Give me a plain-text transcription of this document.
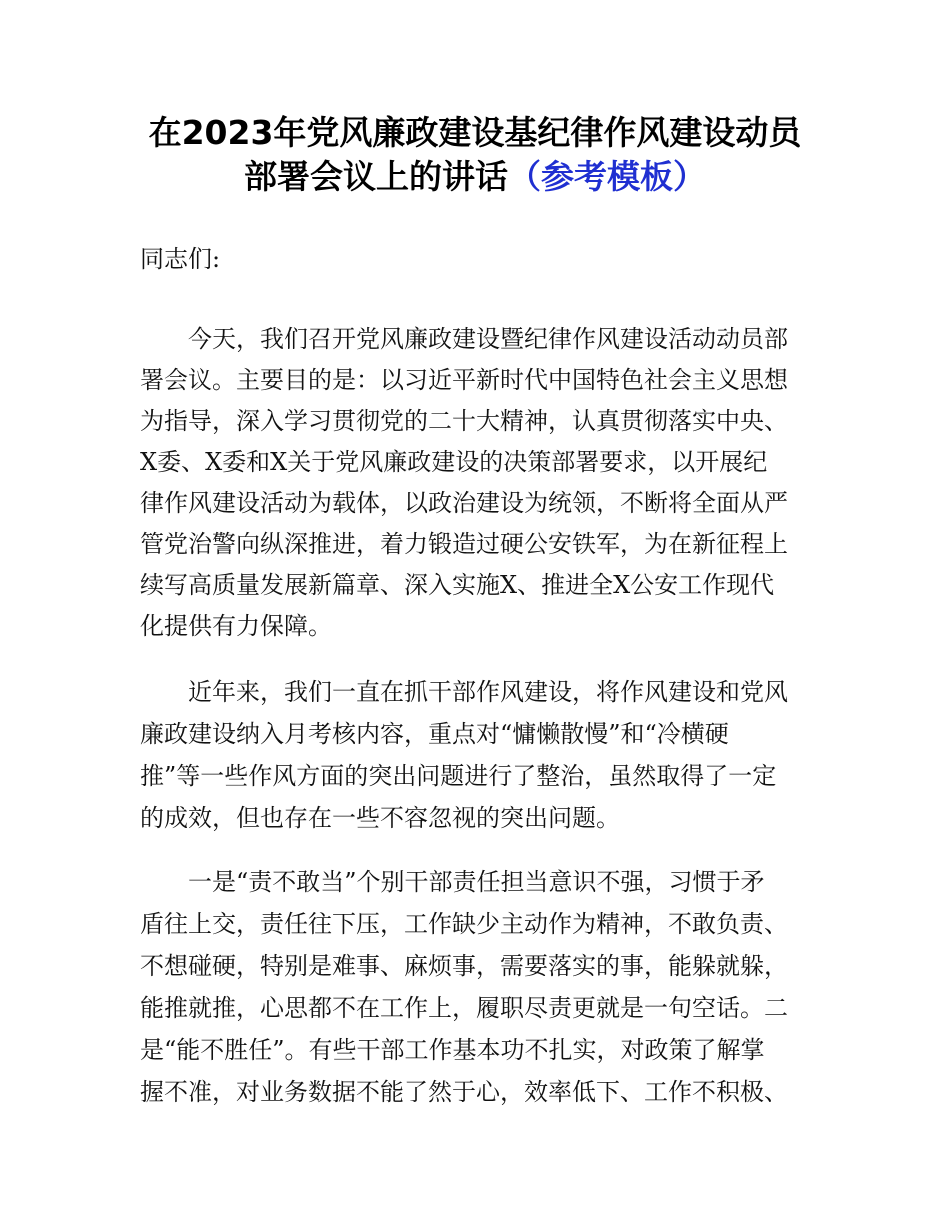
在2023年党风廉政建设基纪律作风建设动员
部署会议上的讲话（参考模板）
同志们:
　　今天，我们召开党风廉政建设暨纪律作风建设活动动员部
署会议。主要目的是：以习近平新时代中国特色社会主义思想
为指导，深入学习贯彻党的二十大精神，认真贯彻落实中央、
X委、X委和X关于党风廉政建设的决策部署要求，以开展纪
律作风建设活动为载体，以政治建设为统领，不断将全面从严
管党治警向纵深推进，着力锻造过硬公安铁军，为在新征程上
续写高质量发展新篇章、深入实施X、推进全X公安工作现代
化提供有力保障。
　　近年来，我们一直在抓干部作风建设，将作风建设和党风
廉政建设纳入月考核内容，重点对“慵懒散慢”和“冷横硬
推”等一些作风方面的突出问题进行了整治，虽然取得了一定
的成效，但也存在一些不容忽视的突出问题。
　　一是“责不敢当”个别干部责任担当意识不强，习惯于矛
盾往上交，责任往下压，工作缺少主动作为精神，不敢负责、
不想碰硬，特别是难事、麻烦事，需要落实的事，能躲就躲，
能推就推，心思都不在工作上，履职尽责更就是一句空话。二
是“能不胜任”。有些干部工作基本功不扎实，对政策了解掌
握不准，对业务数据不能了然于心，效率低下、工作不积极、
